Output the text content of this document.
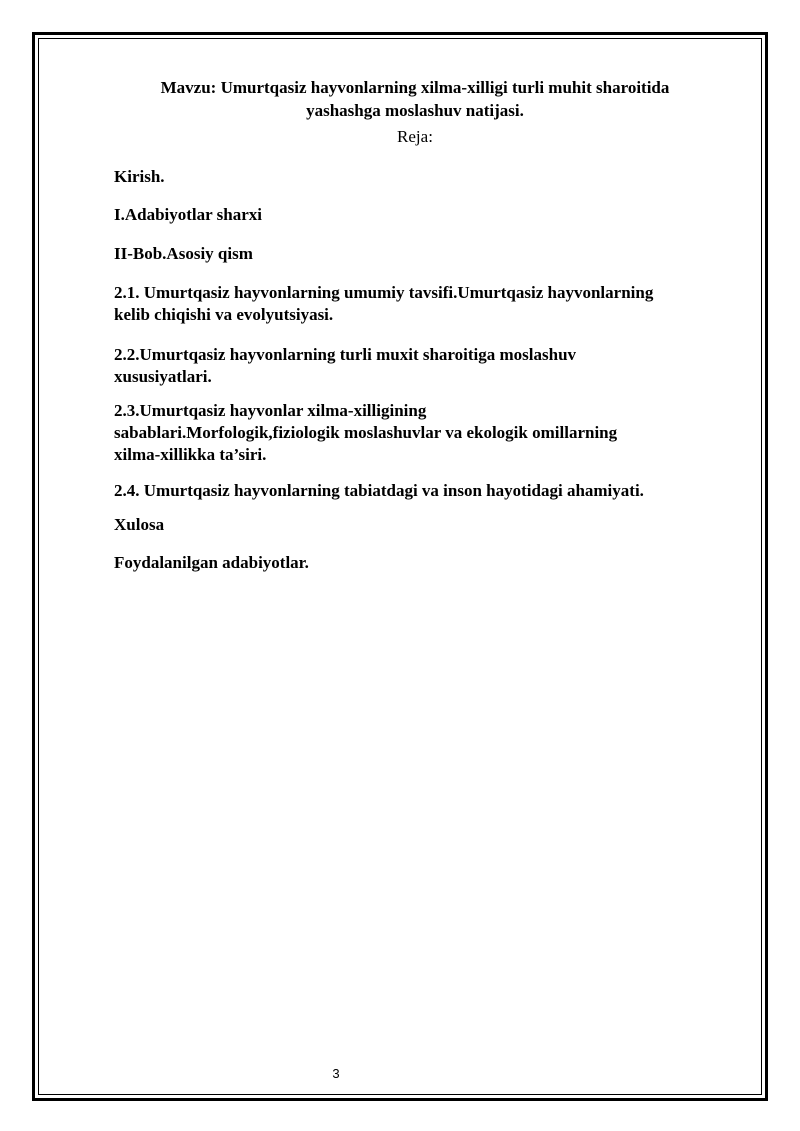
Mavzu: Umurtqasiz hayvonlarning xilma-xilligi turli muhit sharoitida
yashashga moslashuv natijasi.
Reja:
Kirish.
I.Adabiyotlar sharxi
II-Bob.Asosiy qism
2.1. Umurtqasiz hayvonlarning umumiy tavsifi.Umurtqasiz hayvonlarning
kelib chiqishi va evolyutsiyasi.
2.2.Umurtqasiz hayvonlarning turli muxit sharoitiga moslashuv
xususiyatlari.
2.3.Umurtqasiz hayvonlar xilma-xilligining
sabablari.Morfologik,fiziologik moslashuvlar va ekologik omillarning
xilma-xillikka ta’siri.
2.4. Umurtqasiz hayvonlarning tabiatdagi va inson hayotidagi ahamiyati.
Xulosa
Foydalanilgan adabiyotlar.
3
